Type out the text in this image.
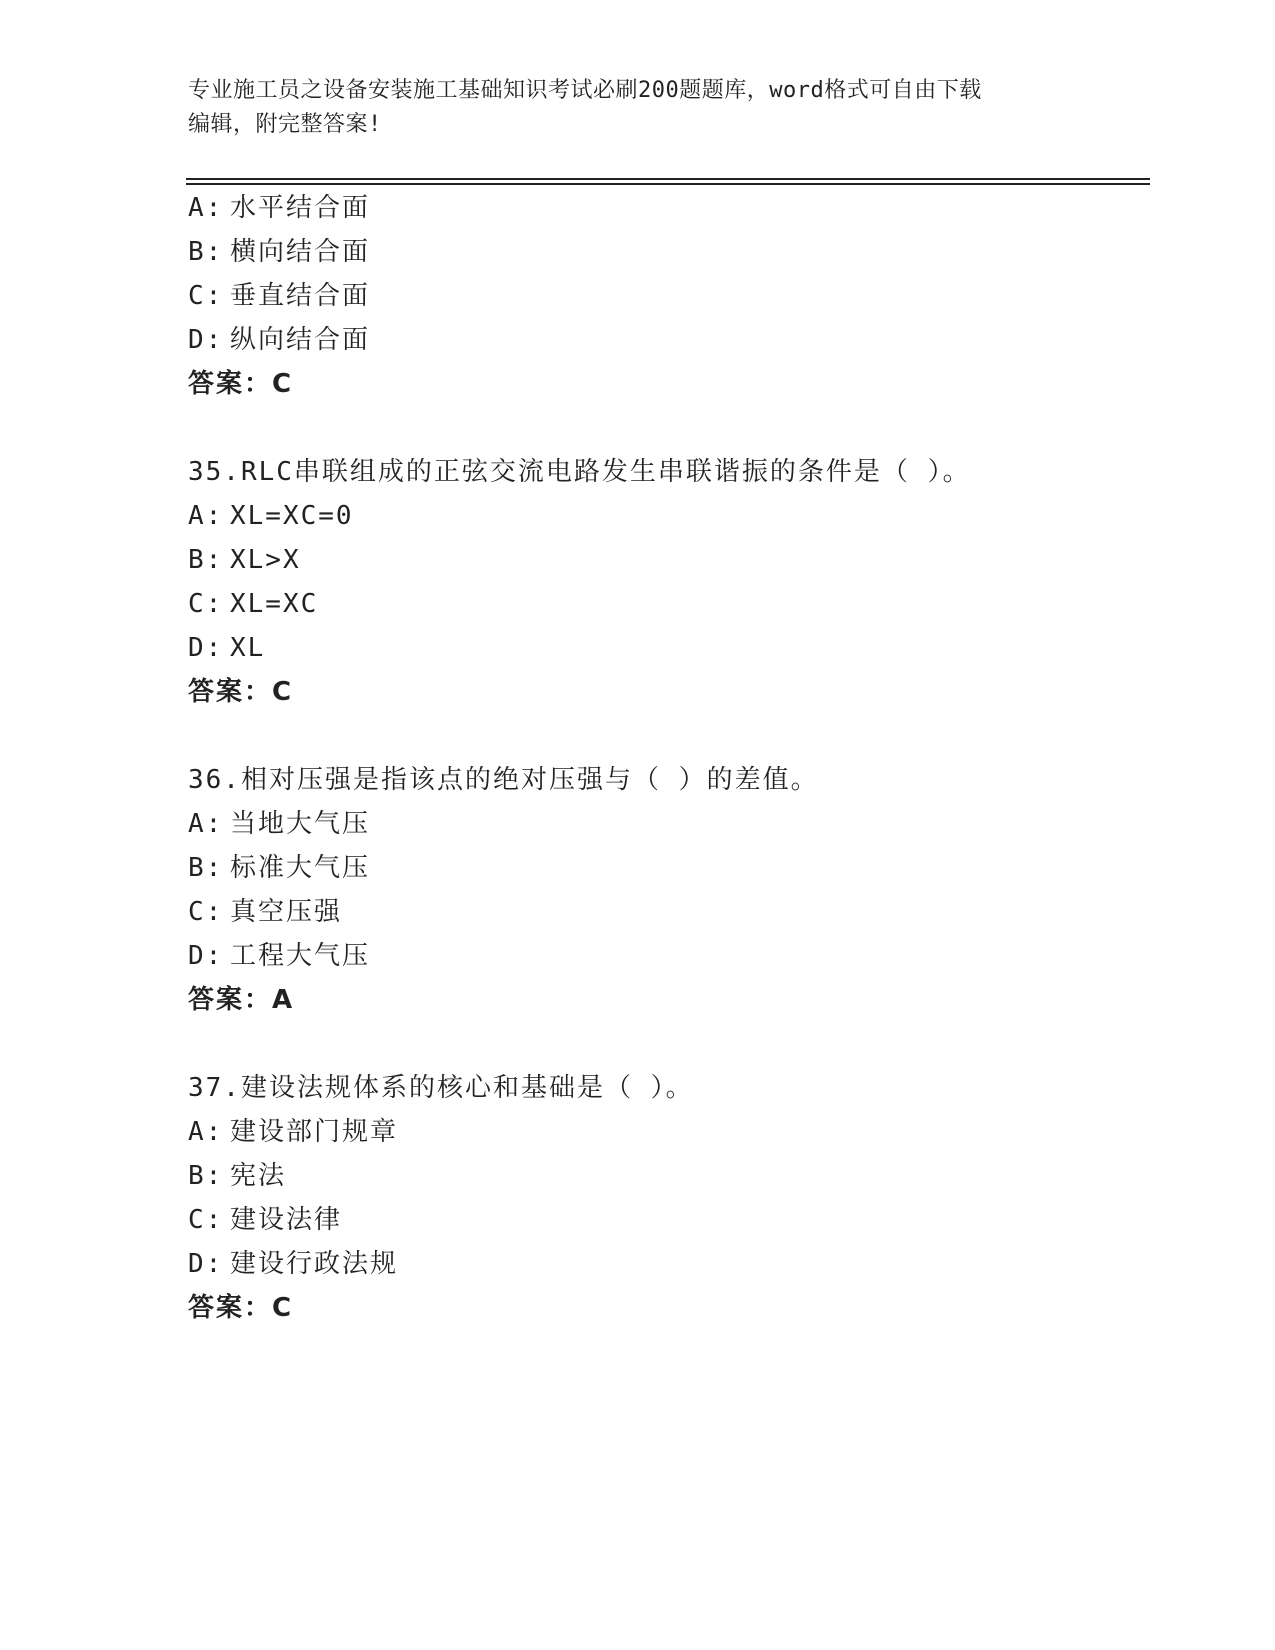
专业施工员之设备安装施工基础知识考试必刷200题题库，word格式可自由下载
编辑，附完整答案!
A: 水平结合面
B: 横向结合面
C: 垂直结合面
D: 纵向结合面
答案：C
35.RLC串联组成的正弦交流电路发生串联谐振的条件是（ ）。
A: XL=XC=0
B: XL>X
C: XL=XC
D: XL
答案：C
36.相对压强是指该点的绝对压强与（ ）的差值。
A: 当地大气压
B: 标准大气压
C: 真空压强
D: 工程大气压
答案：A
37.建设法规体系的核心和基础是（ ）。
A: 建设部门规章
B: 宪法
C: 建设法律
D: 建设行政法规
答案：C
